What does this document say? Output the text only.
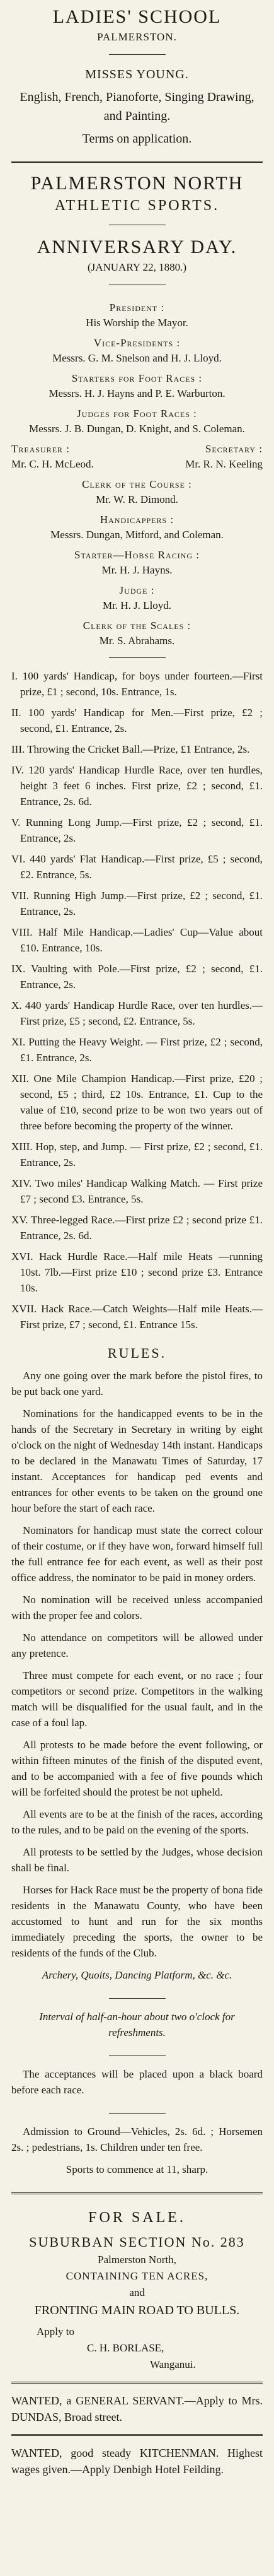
LADIES' SCHOOL
PALMERSTON.
MISSES YOUNG.
English, French, Pianoforte, Singing Drawing, and Painting.
Terms on application.
PALMERSTON NORTH
ATHLETIC SPORTS.
ANNIVERSARY DAY.
(JANUARY 22, 1880.)
President :
His Worship the Mayor.
Vice-Presidents :
Messrs. G. M. Snelson and H. J. Lloyd.
Starters for Foot Races :
Messrs. H. J. Hayns and P. E. Warburton.
Judges for Foot Races :
Messrs. J. B. Dungan, D. Knight, and S. Coleman.
Treasurer :	Secretary :
Mr. C. H. McLeod.	Mr. R. N. Keeling
Clerk of the Course :
Mr. W. R. Dimond.
Handicappers :
Messrs. Dungan, Mitford, and Coleman.
Starter—Hobse Racing :
Mr. H. J. Hayns.
Judge :
Mr. H. J. Lloyd.
Clerk of the Scales :
Mr. S. Abrahams.

I. 100 yards' Handicap, for boys under fourteen.—First prize, £1 ; second, 10s. Entrance, 1s.

II. 100 yards' Handicap for Men.—First prize, £2 ; second, £1. Entrance, 2s.

III. Throwing the Cricket Ball.—Prize, £1 Entrance, 2s.

IV. 120 yards' Handicap Hurdle Race, over ten hurdles, height 3 feet 6 inches. First prize, £2 ; second, £1. Entrance, 2s. 6d.

V. Running Long Jump.—First prize, £2 ; second, £1. Entrance, 2s.

VI. 440 yards' Flat Handicap.—First prize, £5 ; second, £2. Entrance, 5s.

VII. Running High Jump.—First prize, £2 ; second, £1. Entrance, 2s.

VIII. Half Mile Handicap.—Ladies' Cup—Value about £10. Entrance, 10s.

IX. Vaulting with Pole.—First prize, £2 ; second, £1. Entrance, 2s.

X. 440 yards' Handicap Hurdle Race, over ten hurdles.—First prize, £5 ; second, £2. Entrance, 5s.

XI. Putting the Heavy Weight. — First prize, £2 ; second, £1. Entrance, 2s.

XII. One Mile Champion Handicap.—First prize, £20 ; second, £5 ; third, £2 10s. Entrance, £1. Cup to the value of £10, second prize to be won two years out of three before becoming the property of the winner.

XIII. Hop, step, and Jump. — First prize, £2 ; second, £1. Entrance, 2s.

XIV. Two miles' Handicap Walking Match. — First prize £7 ; second £3. Entrance, 5s.

XV. Three-legged Race.—First prize £2 ; second prize £1. Entrance, 2s. 6d.

XVI. Hack Hurdle Race.—Half mile Heats —running 10st. 7lb.—First prize £10 ; second prize £3. Entrance 10s.

XVII. Hack Race.—Catch Weights—Half mile Heats.—First prize, £7 ; second, £1. Entrance 15s.

RULES.

Any one going over the mark before the pistol fires, to be put back one yard.

Nominations for the handicapped events to be in the hands of the Secretary in Secretary in writing by eight o'clock on the night of Wednesday 14th instant. Handicaps to be declared in the Manawatu Times of Saturday, 17 instant. Acceptances for handicap ped events and entrances for other events to be taken on the ground one hour before the start of each race.

Nominators for handicap must state the correct colour of their costume, or if they have won, forward himself full the full entrance fee for each event, as well as their post office address, the nominator to be paid in money orders.

No nomination will be received unless accompanied with the proper fee and colors.

No attendance on competitors will be allowed under any pretence.

Three must compete for each event, or no race ; four competitors or second prize. Competitors in the walking match will be disqualified for the usual fault, and in the case of a foul lap.

All protests to be made before the event following, or within fifteen minutes of the finish of the disputed event, and to be accompanied with a fee of five pounds which will be forfeited should the protest be not upheld.

All events are to be at the finish of the races, according to the rules, and to be paid on the evening of the sports.

All protests to be settled by the Judges, whose decision shall be final.

Horses for Hack Race must be the property of bona fide residents in the Manawatu County, who have been accustomed to hunt and run for the six months immediately preceding the sports, the owner to be residents of the funds of the Club.

Archery, Quoits, Dancing Platform, &c. &c.

Interval of half-an-hour about two o'clock for refreshments.

The acceptances will be placed upon a black board before each race.

Admission to Ground—Vehicles, 2s. 6d. ; Horsemen 2s. ; pedestrians, 1s. Children under ten free.

Sports to commence at 11, sharp.

FOR SALE.
SUBURBAN SECTION No. 283
Palmerston North,
CONTAINING TEN ACRES,
and
FRONTING MAIN ROAD TO BULLS.
Apply to
C. H. BORLASE,
Wanganui.

WANTED, a GENERAL SERVANT.—Apply to Mrs. DUNDAS, Broad street.

WANTED, good steady KITCHENMAN. Highest wages given.—Apply Denbigh Hotel Feilding.
